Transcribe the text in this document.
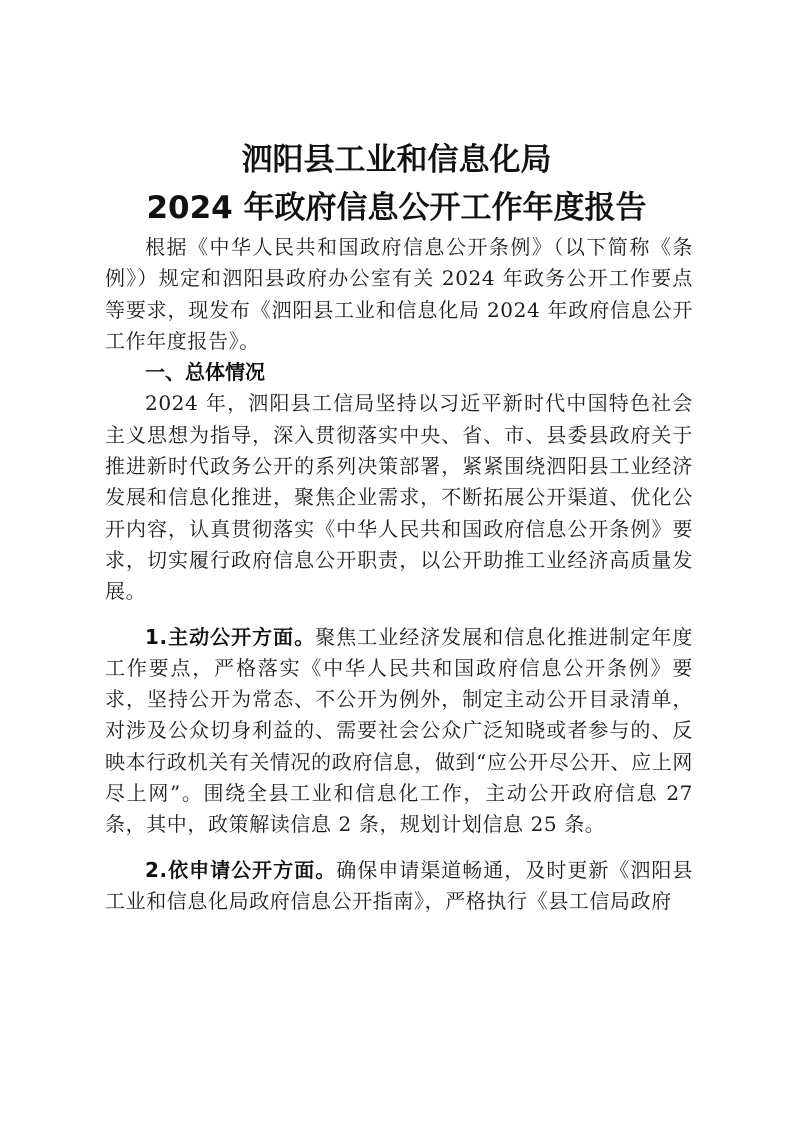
泗阳县工业和信息化局
2024 年政府信息公开工作年度报告

根据《中华人民共和国政府信息公开条例》（以下简称《条例》）规定和泗阳县政府办公室有关 2024 年政务公开工作要点等要求，现发布《泗阳县工业和信息化局 2024 年政府信息公开工作年度报告》。

一、总体情况

2024 年，泗阳县工信局坚持以习近平新时代中国特色社会主义思想为指导，深入贯彻落实中央、省、市、县委县政府关于推进新时代政务公开的系列决策部署，紧紧围绕泗阳县工业经济发展和信息化推进，聚焦企业需求，不断拓展公开渠道、优化公开内容，认真贯彻落实《中华人民共和国政府信息公开条例》要求，切实履行政府信息公开职责，以公开助推工业经济高质量发展。

1.主动公开方面。聚焦工业经济发展和信息化推进制定年度工作要点，严格落实《中华人民共和国政府信息公开条例》要求，坚持公开为常态、不公开为例外，制定主动公开目录清单，对涉及公众切身利益的、需要社会公众广泛知晓或者参与的、反映本行政机关有关情况的政府信息，做到“应公开尽公开、应上网尽上网”。围绕全县工业和信息化工作，主动公开政府信息 27 条，其中，政策解读信息 2 条，规划计划信息 25 条。

2.依申请公开方面。确保申请渠道畅通，及时更新《泗阳县工业和信息化局政府信息公开指南》，严格执行《县工信局政府
